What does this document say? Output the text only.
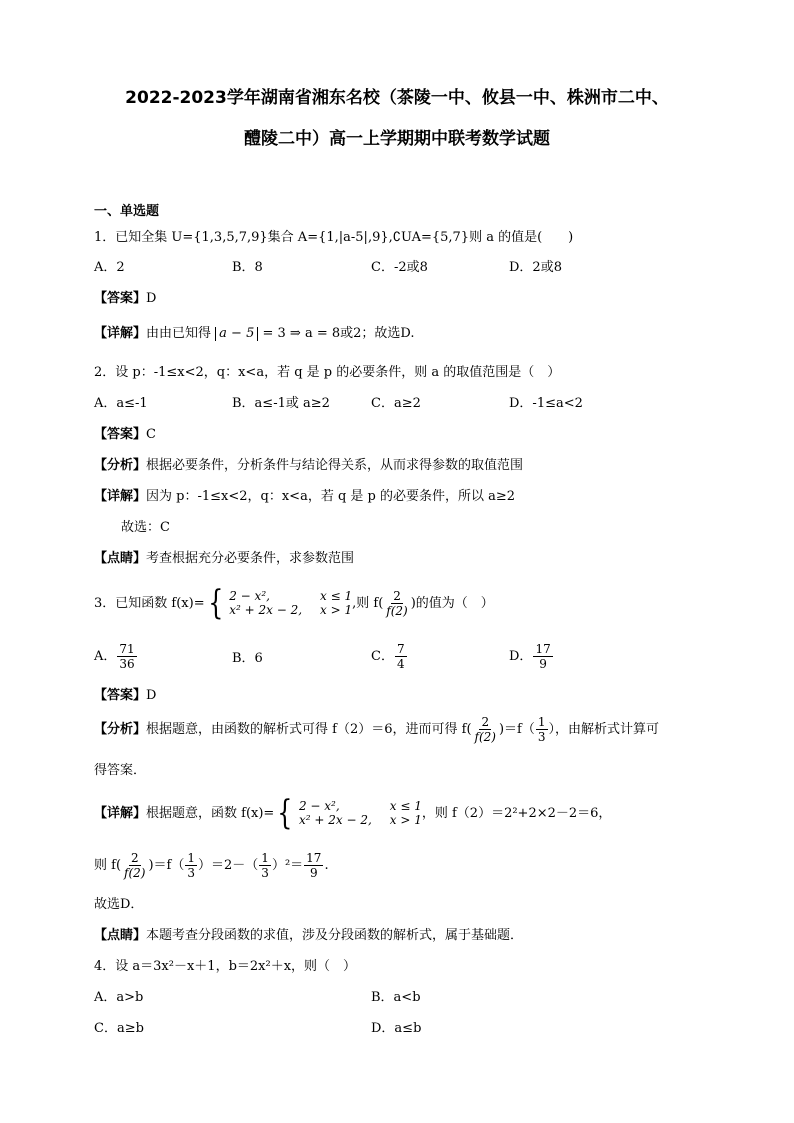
2022-2023学年湖南省湘东名校（茶陵一中、攸县一中、株洲市二中、
醴陵二中）高一上学期期中联考数学试题
一、单选题
1．已知全集 U={1,3,5,7,9}集合 A={1,|a-5|,9},∁UA={5,7}则 a 的值是(　　)
A．2	B．8	C．-2或8	D．2或8
【答案】D
【详解】由由已知得 a − 5 = 3 ⇒ a = 8或2；故选D.
2．设 p：-1≤x<2，q：x<a，若 q 是 p 的必要条件，则 a 的取值范围是（　）
A．a≤-1	B．a≤-1或 a≥2	C．a≥2	D．-1≤a<2
【答案】C
【分析】根据必要条件，分析条件与结论得关系，从而求得参数的取值范围
【详解】因为 p：-1≤x<2，q：x<a，若 q 是 p 的必要条件，所以 a≥2
故选：C
【点睛】考查根据充分必要条件，求参数范围
3．已知函数 f(x)= { 2 − x²,	x ≤ 1
x² + 2x − 2, x > 1 ,则 $f( \frac{2}{f(2)}$ )的值为（　）
A． $\frac{71}{36}$	B．6	C． $\frac{7}{4}$	D． $\frac{17}{9}$
【答案】D
【分析】 根据题意，由函数的解析式可得 f（2）＝6，进而可得 $f( \frac{2}{f(2)} )=f( \frac{1}{3}$ ），由解析式计算可
得答案．
【详解】 根据题意，函数 f(x)= { 2 − x²,	x ≤ 1
x² + 2x − 2, x > 1 ，则 f（2）＝2²+2×2－2＝6，
则 $f( \frac{2}{f(2)} )=f( \frac{1}{3} )=2-( \frac{1}{3} )^2= \frac{17}{9}$ .
故选D．
【点睛】本题考查分段函数的求值，涉及分段函数的解析式，属于基础题．
4．设 a＝3x²－x＋1，b＝2x²＋x，则（　）
A．a>b	B．a<b
C．a≥b	D．a≤b
